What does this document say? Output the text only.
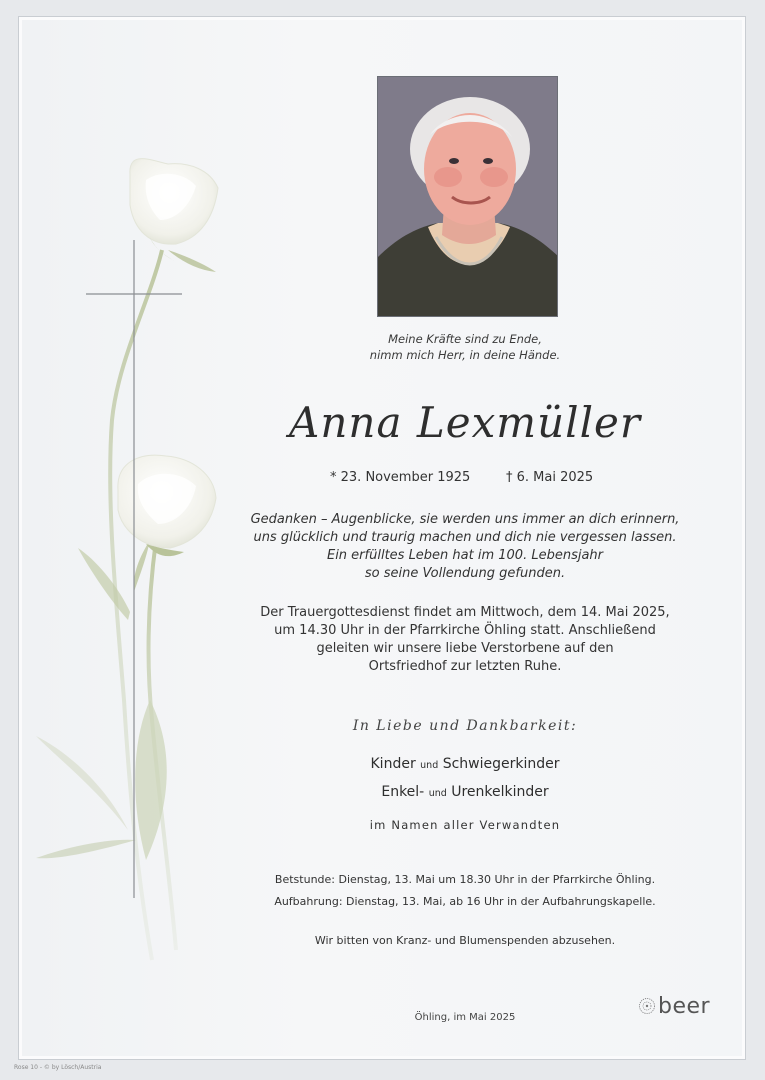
Meine Kräfte sind zu Ende,
nimm mich Herr, in deine Hände.
Anna Lexmüller
* 23. November 1925	† 6. Mai 2025
Gedanken – Augenblicke, sie werden uns immer an dich erinnern,
uns glücklich und traurig machen und dich nie vergessen lassen.
Ein erfülltes Leben hat im 100. Lebensjahr
so seine Vollendung gefunden.
Der Trauergottesdienst findet am Mittwoch, dem 14. Mai 2025,
um 14.30 Uhr in der Pfarrkirche Öhling statt. Anschließend
geleiten wir unsere liebe Verstorbene auf den
Ortsfriedhof zur letzten Ruhe.
In Liebe und Dankbarkeit:
Kinder und Schwiegerkinder
Enkel- und Urenkelkinder
im Namen aller Verwandten
Betstunde: Dienstag, 13. Mai um 18.30 Uhr in der Pfarrkirche Öhling.
Aufbahrung: Dienstag, 13. Mai, ab 16 Uhr in der Aufbahrungskapelle.
Wir bitten von Kranz- und Blumenspenden abzusehen.
Öhling, im Mai 2025	beer
Rose 10 - © by Lösch/Austria
